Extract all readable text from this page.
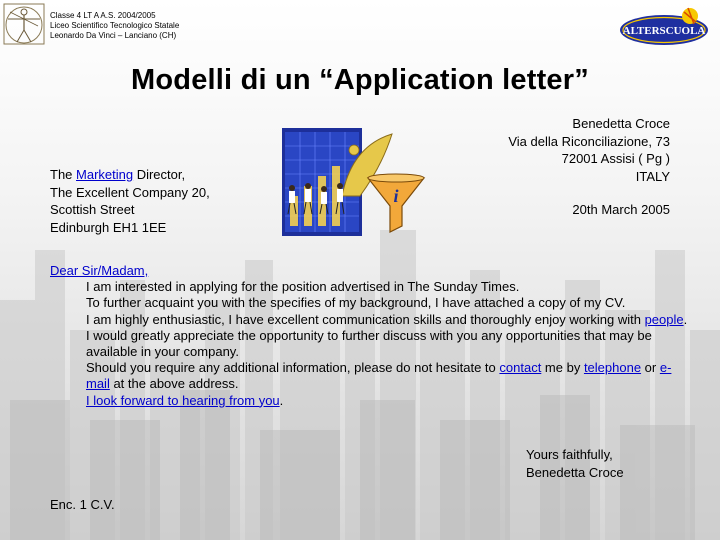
Classe 4 LT A A.S. 2004/2005
Liceo Scientifico Tecnologico Statale
Leonardo Da Vinci – Lanciano (CH)	ALTERSCUOLA
Modelli di un “Application letter”
Benedetta Croce
Via della Riconciliazione, 73
72001 Assisi ( Pg )
ITALY
20th March 2005
The Marketing Director,
The Excellent Company 20,
Scottish Street
Edinburgh EH1 1EE
i
Dear Sir/Madam,
I am interested in applying for the position advertised in The Sunday Times.
To further acquaint you with the specifies of my background, I have attached a copy of my CV.
I am highly enthusiastic, I have excellent communication skills and thoroughly enjoy working with people.
I would greatly appreciate the opportunity to further discuss with you any opportunities that may be available in your company.
Should you require any additional information, please do not hesitate to contact me by telephone or e-mail at the above address.
I look forward to hearing from you.
Yours faithfully,
Benedetta Croce
Enc. 1 C.V.
